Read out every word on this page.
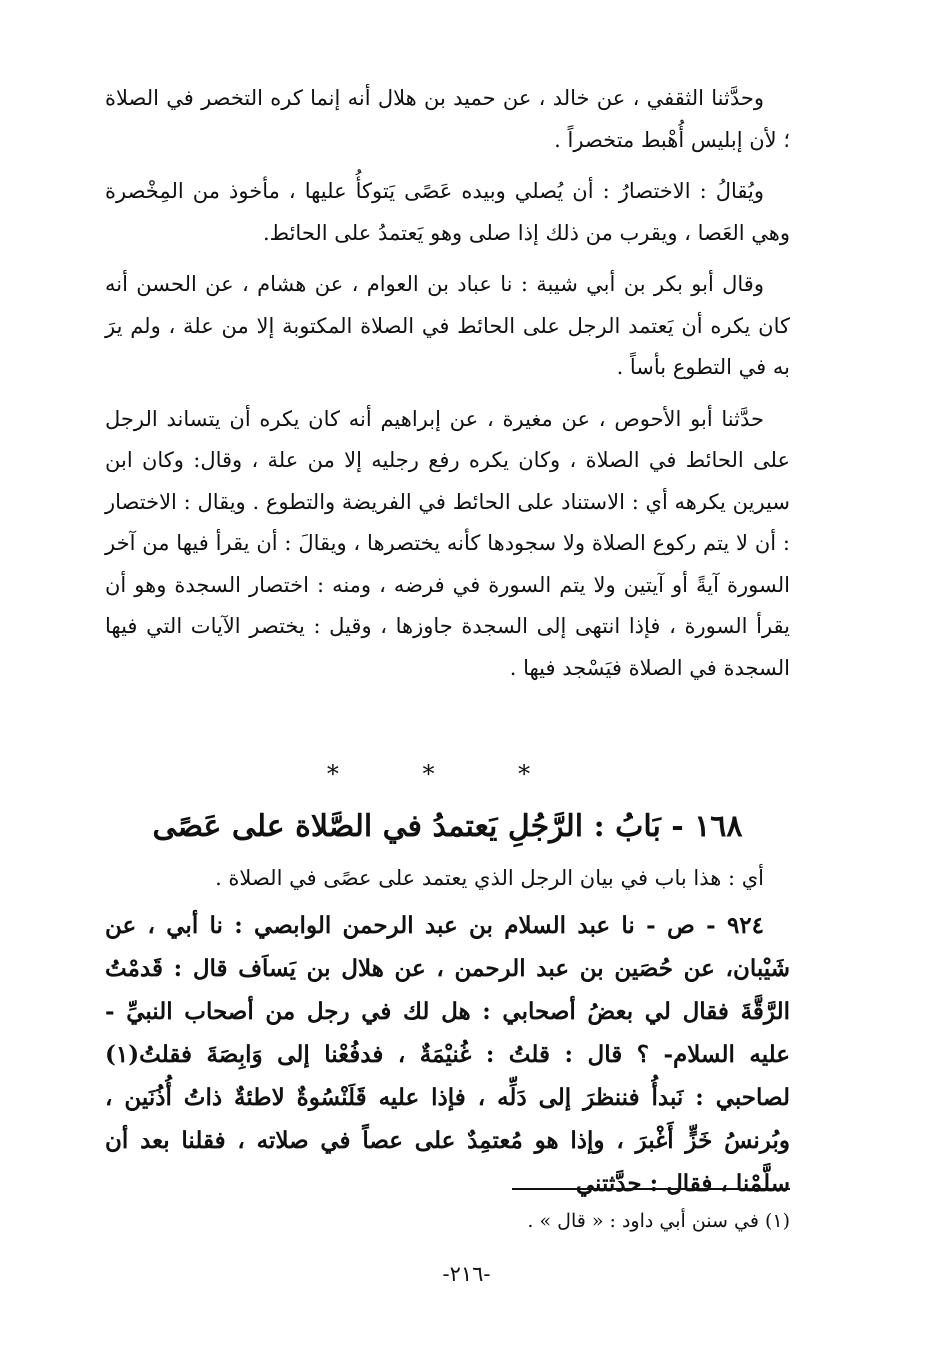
وحدَّثنا الثقفي ، عن خالد ، عن حميد بن هلال أنه إنما كره التخصر في الصلاة ؛ لأن إبليس أُهْبط متخصراً .

ويُقالُ : الاختصارُ : أن يُصلي وبيده عَصًى يَتوكأُ عليها ، مأخوذ من المِخْصرة وهي العَصا ، ويقرب من ذلك إذا صلى وهو يَعتمدُ على الحائط.

وقال أبو بكر بن أبي شيبة : نا عباد بن العوام ، عن هشام ، عن الحسن أنه كان يكره أن يَعتمد الرجل على الحائط في الصلاة المكتوبة إلا من علة ، ولم يرَ به في التطوع بأساً .

حدَّثنا أبو الأحوص ، عن مغيرة ، عن إبراهيم أنه كان يكره أن يتساند الرجل على الحائط في الصلاة ، وكان يكره رفع رجليه إلا من علة ، وقال: وكان ابن سيرين يكرهه أي : الاستناد على الحائط في الفريضة والتطوع . ويقال : الاختصار : أن لا يتم ركوع الصلاة ولا سجودها كأنه يختصرها ، ويقالَ : أن يقرأ فيها من آخر السورة آيةً أو آيتين ولا يتم السورة في فرضه ، ومنه : اختصار السجدة وهو أن يقرأ السورة ، فإذا انتهى إلى السجدة جاوزها ، وقيل : يختصر الآيات التي فيها السجدة في الصلاة فيَسْجد فيها .

* * *
١٦٨ - بَابُ : الرَّجُلِ يَعتمدُ في الصَّلاة على عَصًى
أي : هذا باب في بيان الرجل الذي يعتمد على عصًى في الصلاة .
٩٢٤ - ص - نا عبد السلام بن عبد الرحمن الوابصي : نا أبي ، عن شَيْبان، عن حُصَين بن عبد الرحمن ، عن هلال بن يَساَف قال : قَدمْتُ الرَّقَّةَ فقال لي بعضُ أصحابي : هل لك في رجل من أصحاب النبيِّ - عليه السلام- ؟ قال : قلتُ : غُنيْمَةٌ ، فدفُعْنا إلى وَابِصَةَ فقلتُ(١) لصاحبي : نَبدأُ فننظرَ إلى دَلِّه ، فإذا عليه قَلَنْسُوةٌ لاطئةٌ ذاتُ أُذُنَين ، وبُرنسُ خَزٍّ أَغْبرَ ، وإذا هو مُعتمِدٌ على عصاً في صلاته ، فقلنا بعد أن سلَّمْنا ، فقال : حدَّثتني
(١) في سنن أبي داود : « قال » .
-٢١٦-
